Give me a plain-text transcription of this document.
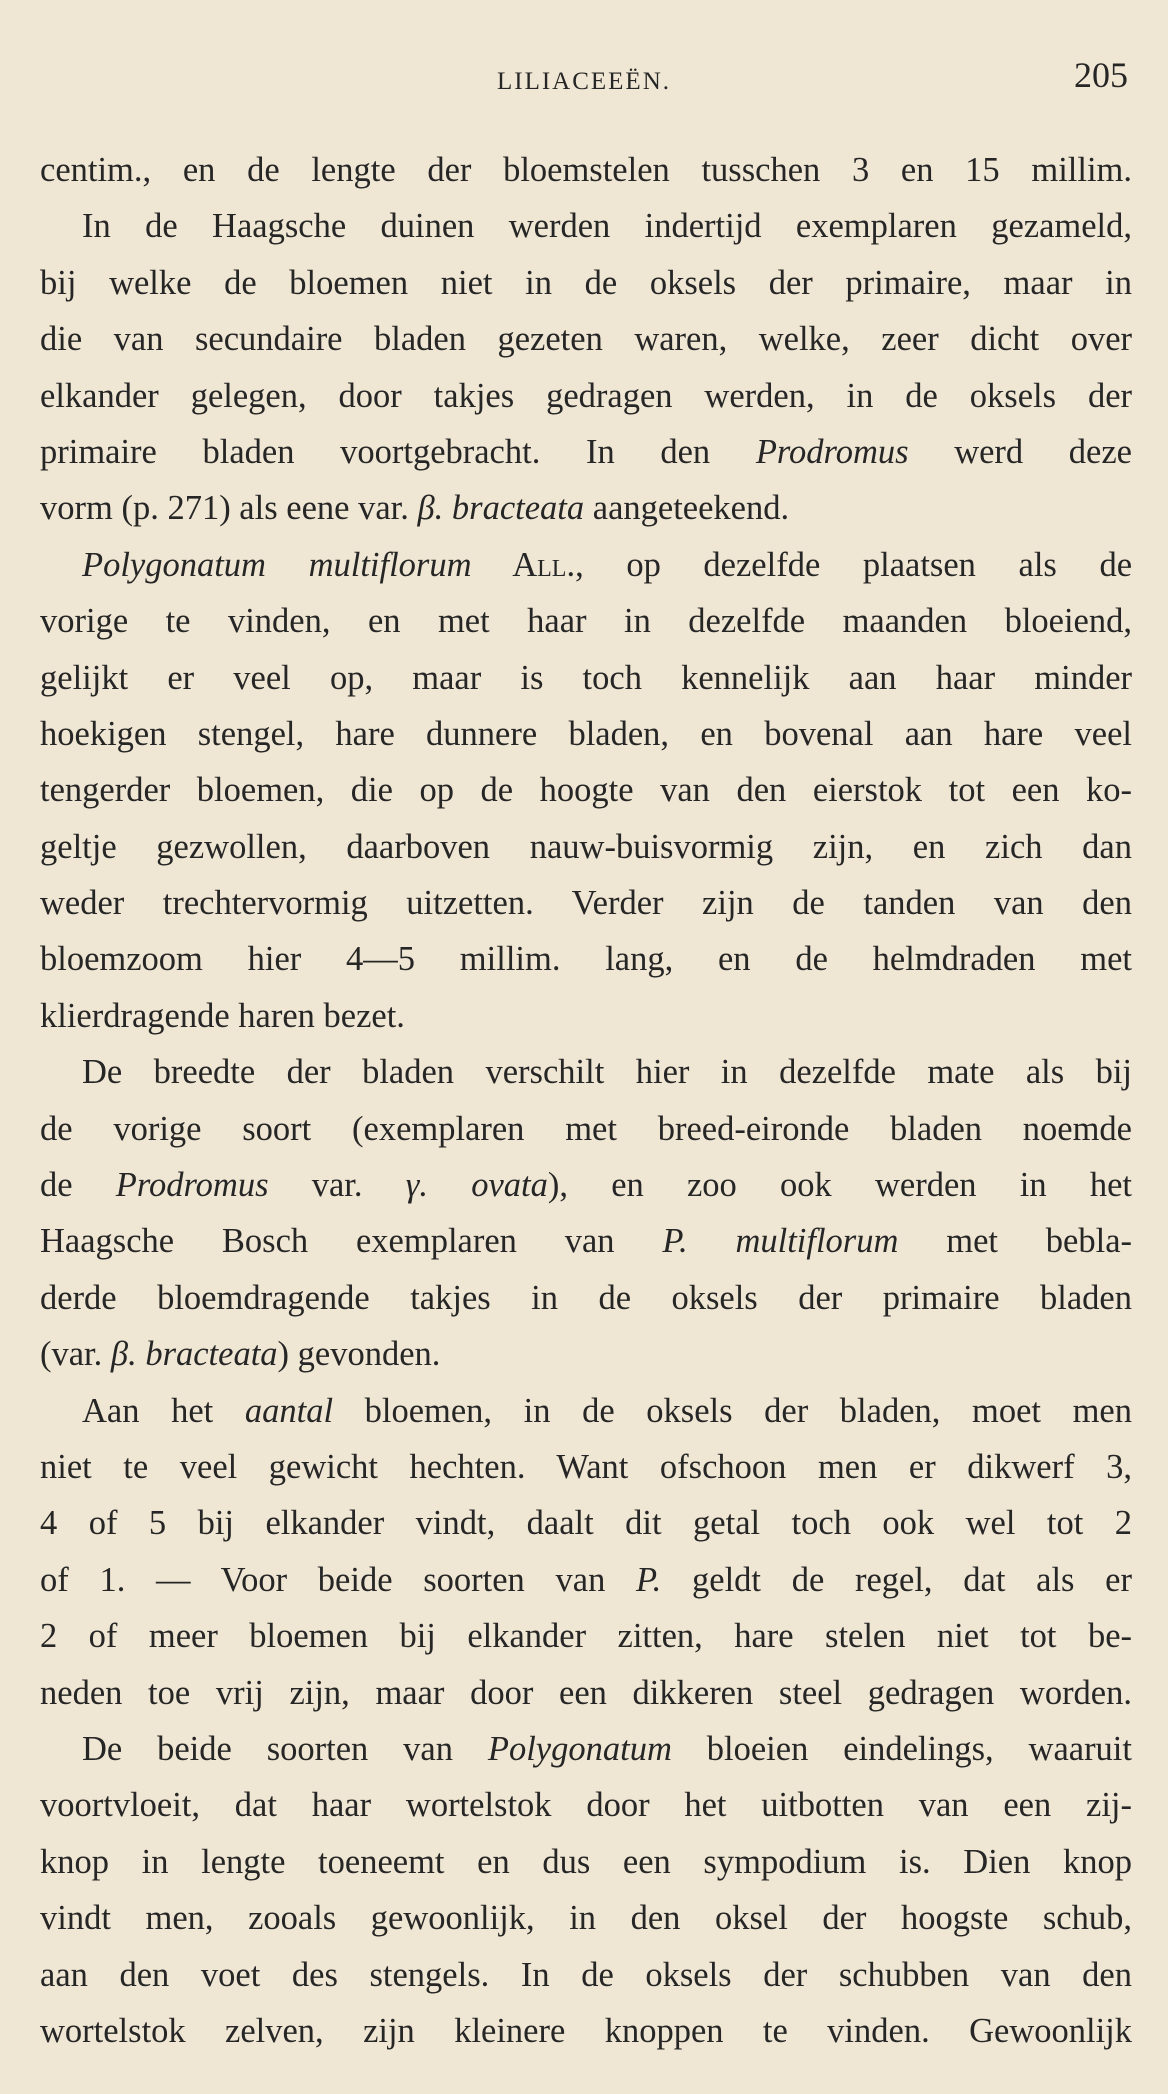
LILIACEEËN.	205
centim., en de lengte der bloemstelen tusschen 3 en 15 millim.
In de Haagsche duinen werden indertijd exemplaren gezameld,
bij welke de bloemen niet in de oksels der primaire, maar in
die van secundaire bladen gezeten waren, welke, zeer dicht over
elkander gelegen, door takjes gedragen werden, in de oksels der
primaire bladen voortgebracht. In den Prodromus werd deze
vorm (p. 271) als eene var. β. bracteata aangeteekend.
Polygonatum multiflorum All., op dezelfde plaatsen als de
vorige te vinden, en met haar in dezelfde maanden bloeiend,
gelijkt er veel op, maar is toch kennelijk aan haar minder
hoekigen stengel, hare dunnere bladen, en bovenal aan hare veel
tengerder bloemen, die op de hoogte van den eierstok tot een ko-
geltje gezwollen, daarboven nauw-buisvormig zijn, en zich dan
weder trechtervormig uitzetten. Verder zijn de tanden van den
bloemzoom hier 4—5 millim. lang, en de helmdraden met
klierdragende haren bezet.
De breedte der bladen verschilt hier in dezelfde mate als bij
de vorige soort (exemplaren met breed-eironde bladen noemde
de Prodromus var. γ. ovata), en zoo ook werden in het
Haagsche Bosch exemplaren van P. multiflorum met bebla-
derde bloemdragende takjes in de oksels der primaire bladen
(var. β. bracteata) gevonden.
Aan het aantal bloemen, in de oksels der bladen, moet men
niet te veel gewicht hechten. Want ofschoon men er dikwerf 3,
4 of 5 bij elkander vindt, daalt dit getal toch ook wel tot 2
of 1. — Voor beide soorten van P. geldt de regel, dat als er
2 of meer bloemen bij elkander zitten, hare stelen niet tot be-
neden toe vrij zijn, maar door een dikkeren steel gedragen worden.
De beide soorten van Polygonatum bloeien eindelings, waaruit
voortvloeit, dat haar wortelstok door het uitbotten van een zij-
knop in lengte toeneemt en dus een sympodium is. Dien knop
vindt men, zooals gewoonlijk, in den oksel der hoogste schub,
aan den voet des stengels. In de oksels der schubben van den
wortelstok zelven, zijn kleinere knoppen te vinden. Gewoonlijk
